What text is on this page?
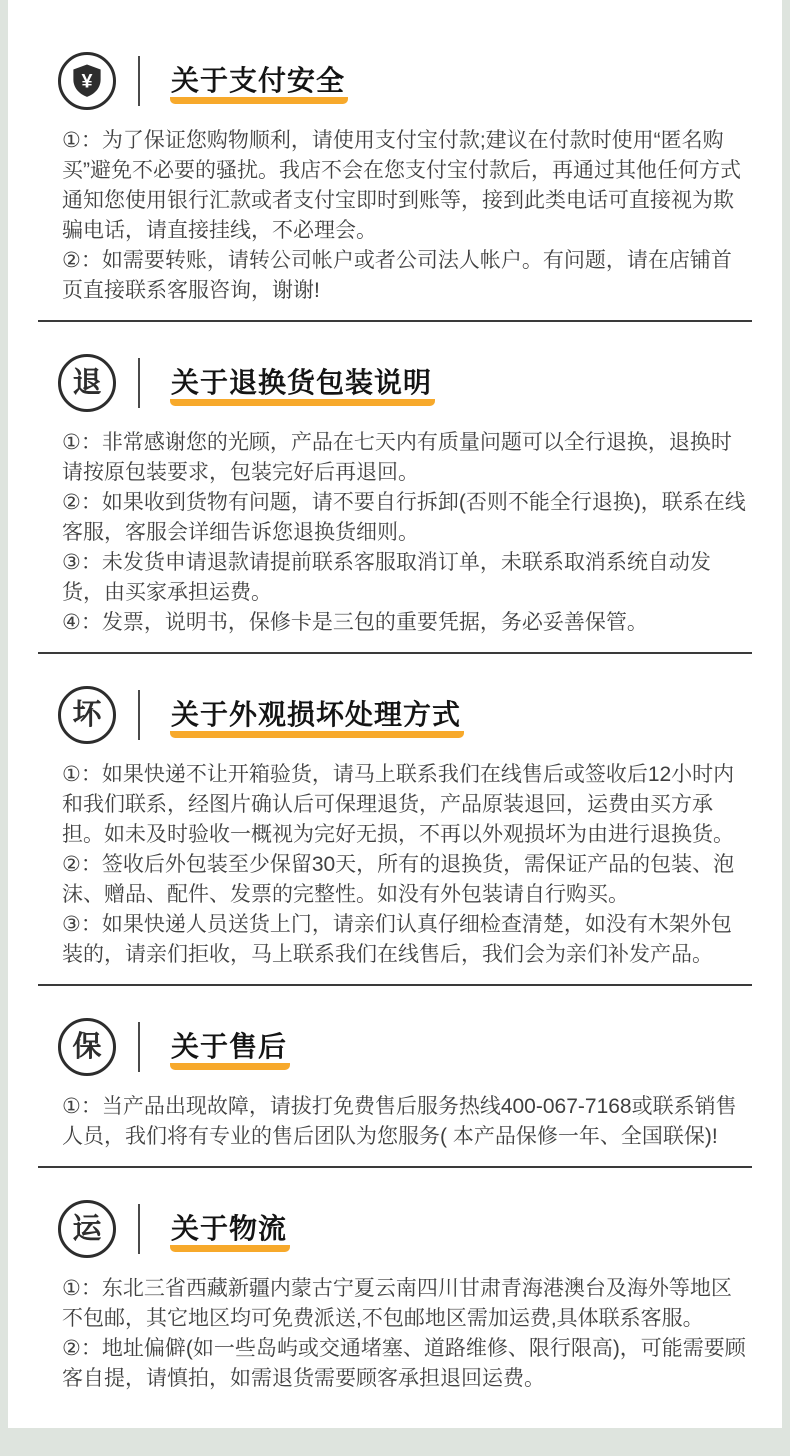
¥	关于支付安全

①：为了保证您购物顺利，请使用支付宝付款;建议在付款时使用“匿名购买”避免不必要的骚扰。我店不会在您支付宝付款后，再通过其他任何方式通知您使用银行汇款或者支付宝即时到账等，接到此类电话可直接视为欺骗电话，请直接挂线，不必理会。

②：如需要转账，请转公司帐户或者公司法人帐户。有问题，请在店铺首页直接联系客服咨询，谢谢!

退 关于退换货包装说明

①：非常感谢您的光顾，产品在七天内有质量问题可以全行退换，退换时请按原包装要求，包装完好后再退回。

②：如果收到货物有问题，请不要自行拆卸(否则不能全行退换)，联系在线客服，客服会详细告诉您退换货细则。

③：未发货申请退款请提前联系客服取消订单，未联系取消系统自动发货，由买家承担运费。

④：发票，说明书，保修卡是三包的重要凭据，务必妥善保管。

坏 关于外观损坏处理方式

①：如果快递不让开箱验货，请马上联系我们在线售后或签收后12小时内和我们联系，经图片确认后可保理退货，产品原装退回，运费由买方承担。如未及时验收一概视为完好无损，不再以外观损坏为由进行退换货。

②：签收后外包装至少保留30天，所有的退换货，需保证产品的包装、泡沫、赠品、配件、发票的完整性。如没有外包装请自行购买。

③：如果快递人员送货上门，请亲们认真仔细检查清楚，如没有木架外包装的，请亲们拒收，马上联系我们在线售后，我们会为亲们补发产品。

保 关于售后

①：当产品出现故障，请拔打免费售后服务热线400-067-7168或联系销售人员，我们将有专业的售后团队为您服务( 本产品保修一年、全国联保)!

运 关于物流

①：东北三省西藏新疆内蒙古宁夏云南四川甘肃青海港澳台及海外等地区不包邮，其它地区均可免费派送,不包邮地区需加运费,具体联系客服。

②：地址偏僻(如一些岛屿或交通堵塞、道路维修、限行限高)，可能需要顾客自提，请慎拍，如需退货需要顾客承担退回运费。
